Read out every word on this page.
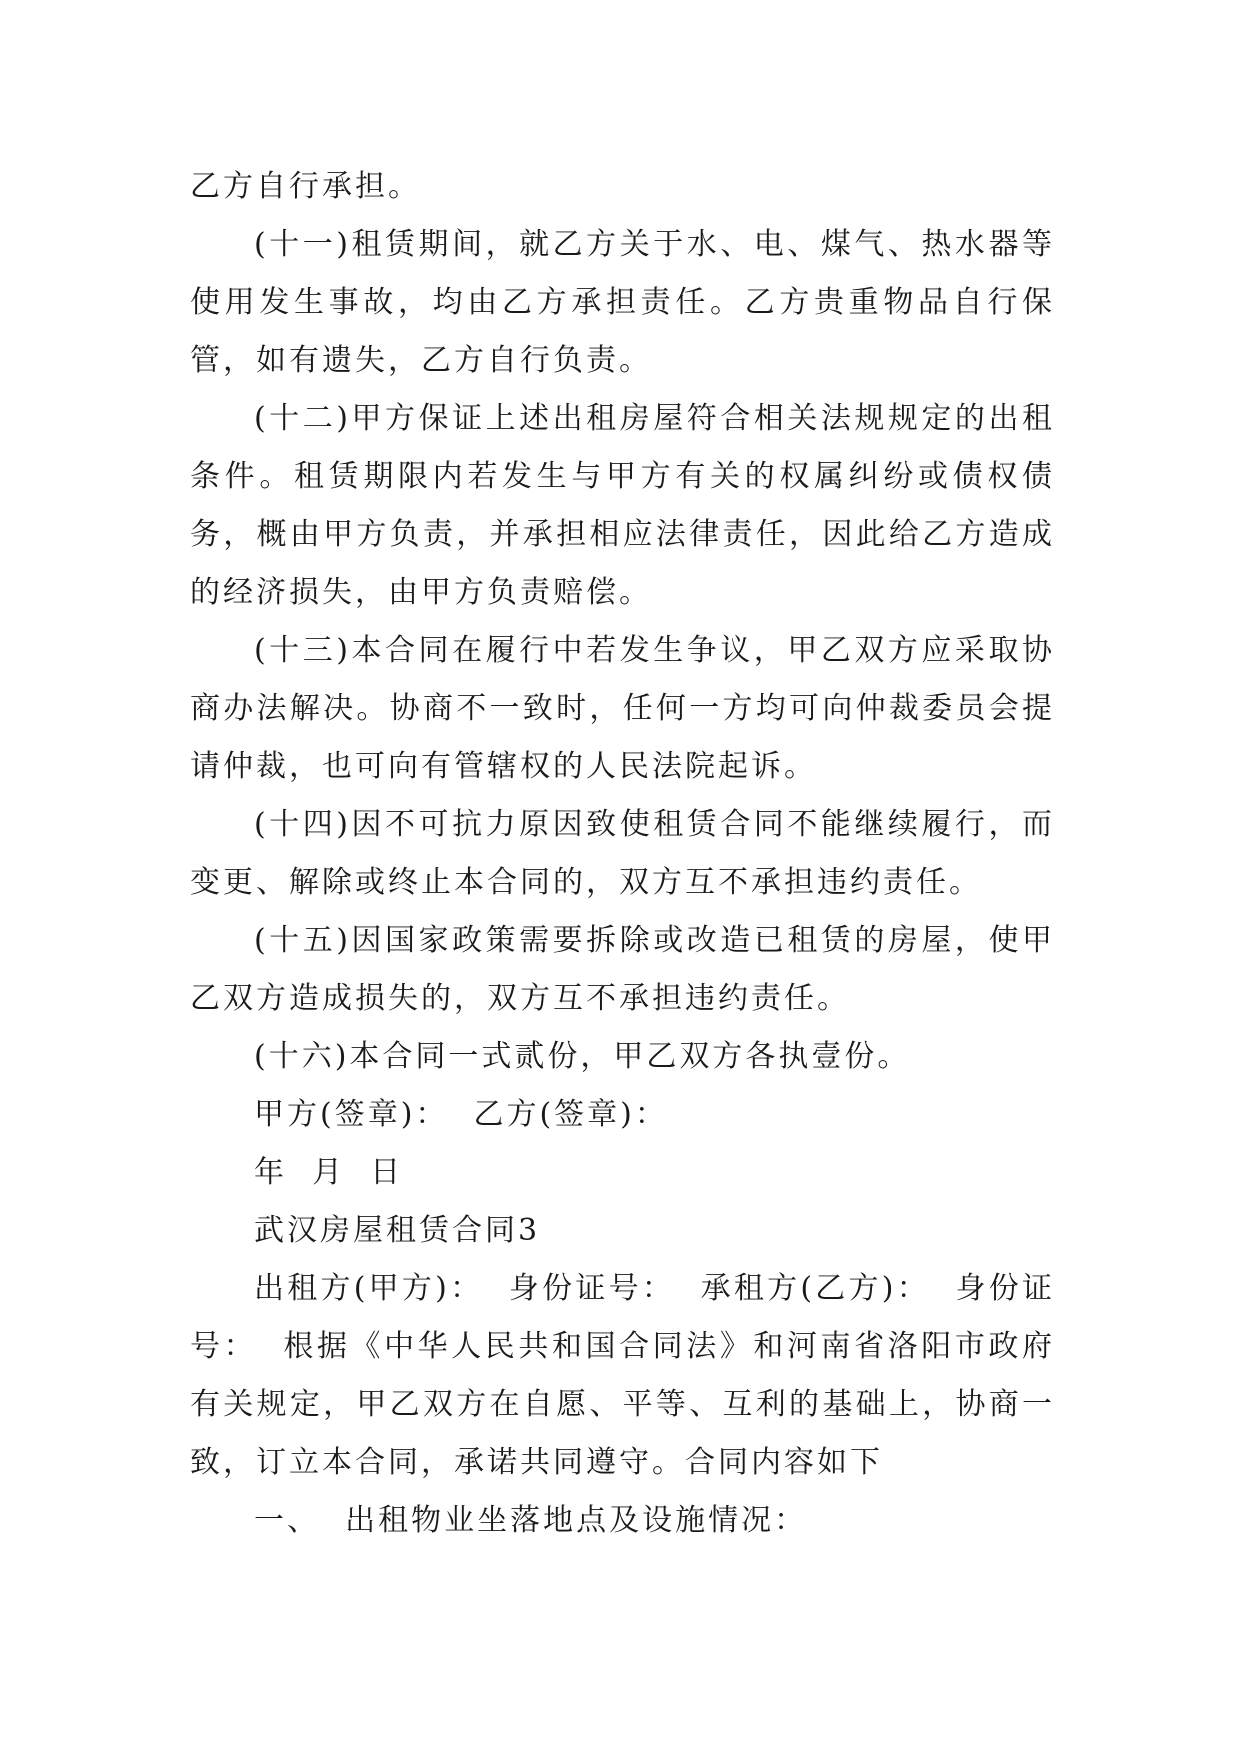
乙方自行承担。

(十一)租赁期间，就乙方关于水、电、煤气、热水器等使用发生事故，均由乙方承担责任。乙方贵重物品自行保管，如有遗失，乙方自行负责。

(十二)甲方保证上述出租房屋符合相关法规规定的出租条件。租赁期限内若发生与甲方有关的权属纠纷或债权债务，概由甲方负责，并承担相应法律责任，因此给乙方造成的经济损失，由甲方负责赔偿。

(十三)本合同在履行中若发生争议，甲乙双方应采取协商办法解决。协商不一致时，任何一方均可向仲裁委员会提请仲裁，也可向有管辖权的人民法院起诉。

(十四)因不可抗力原因致使租赁合同不能继续履行，而变更、解除或终止本合同的，双方互不承担违约责任。

(十五)因国家政策需要拆除或改造已租赁的房屋，使甲乙双方造成损失的，双方互不承担违约责任。

(十六)本合同一式贰份，甲乙双方各执壹份。

甲方(签章)：  乙方(签章)：

年  月  日

武汉房屋租赁合同3

出租方(甲方)：  身份证号：  承租方(乙方)：  身份证号：  根据《中华人民共和国合同法》和河南省洛阳市政府有关规定，甲乙双方在自愿、平等、互利的基础上，协商一致，订立本合同，承诺共同遵守。合同内容如下

一、  出租物业坐落地点及设施情况：
